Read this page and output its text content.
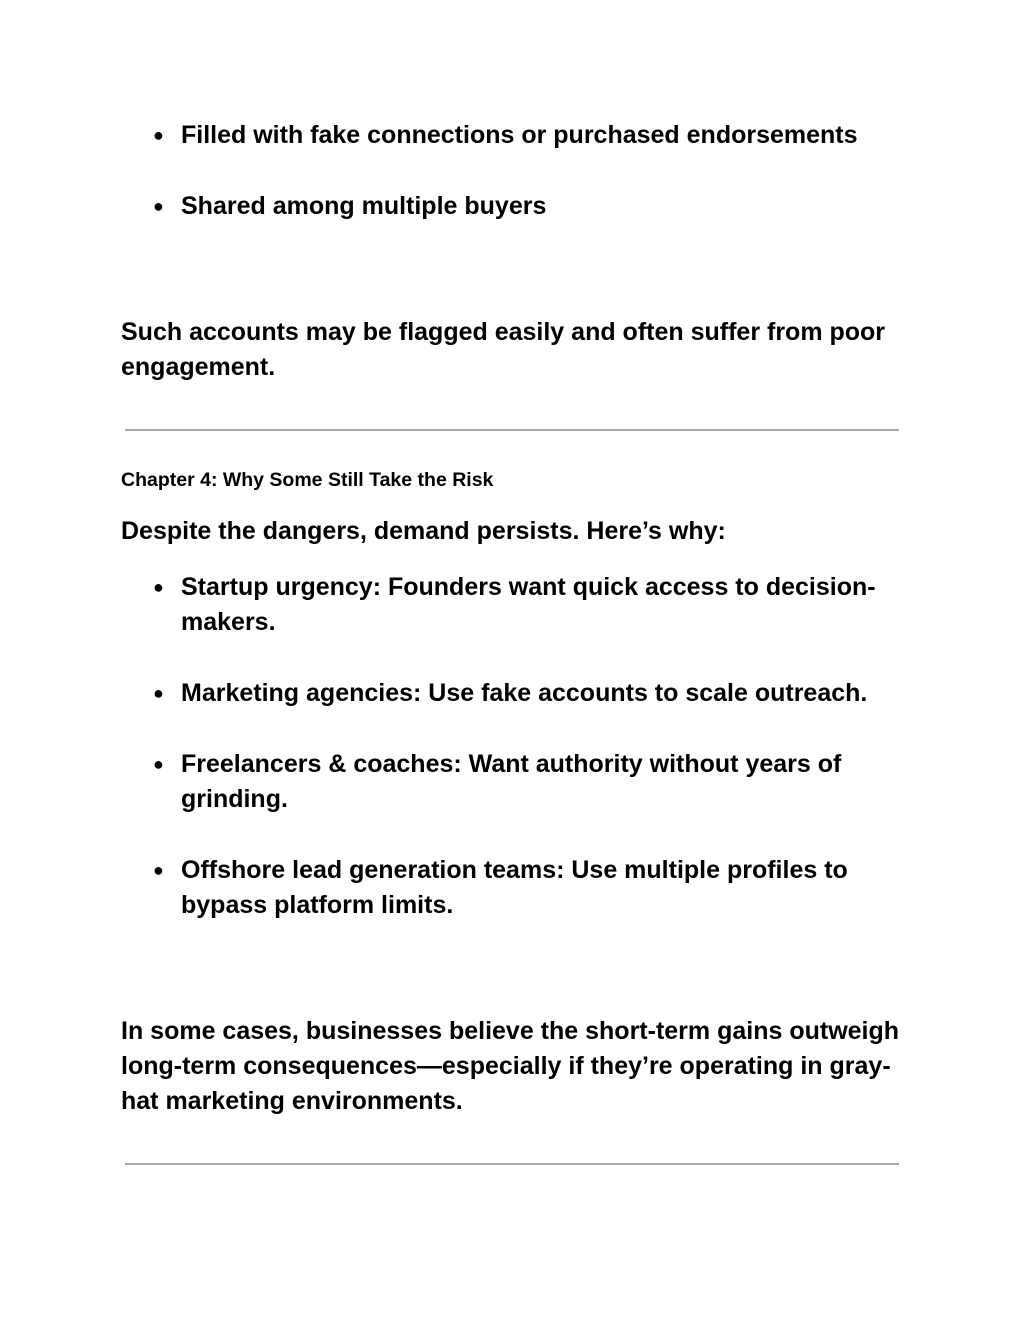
● Filled with fake connections or purchased endorsements
● Shared among multiple buyers

Such accounts may be flagged easily and often suffer from poor engagement.

Chapter 4: Why Some Still Take the Risk

Despite the dangers, demand persists. Here’s why:

● Startup urgency: Founders want quick access to decision-makers.
● Marketing agencies: Use fake accounts to scale outreach.
● Freelancers & coaches: Want authority without years of grinding.
● Offshore lead generation teams: Use multiple profiles to bypass platform limits.

In some cases, businesses believe the short-term gains outweigh long-term consequences—especially if they’re operating in gray-hat marketing environments.
